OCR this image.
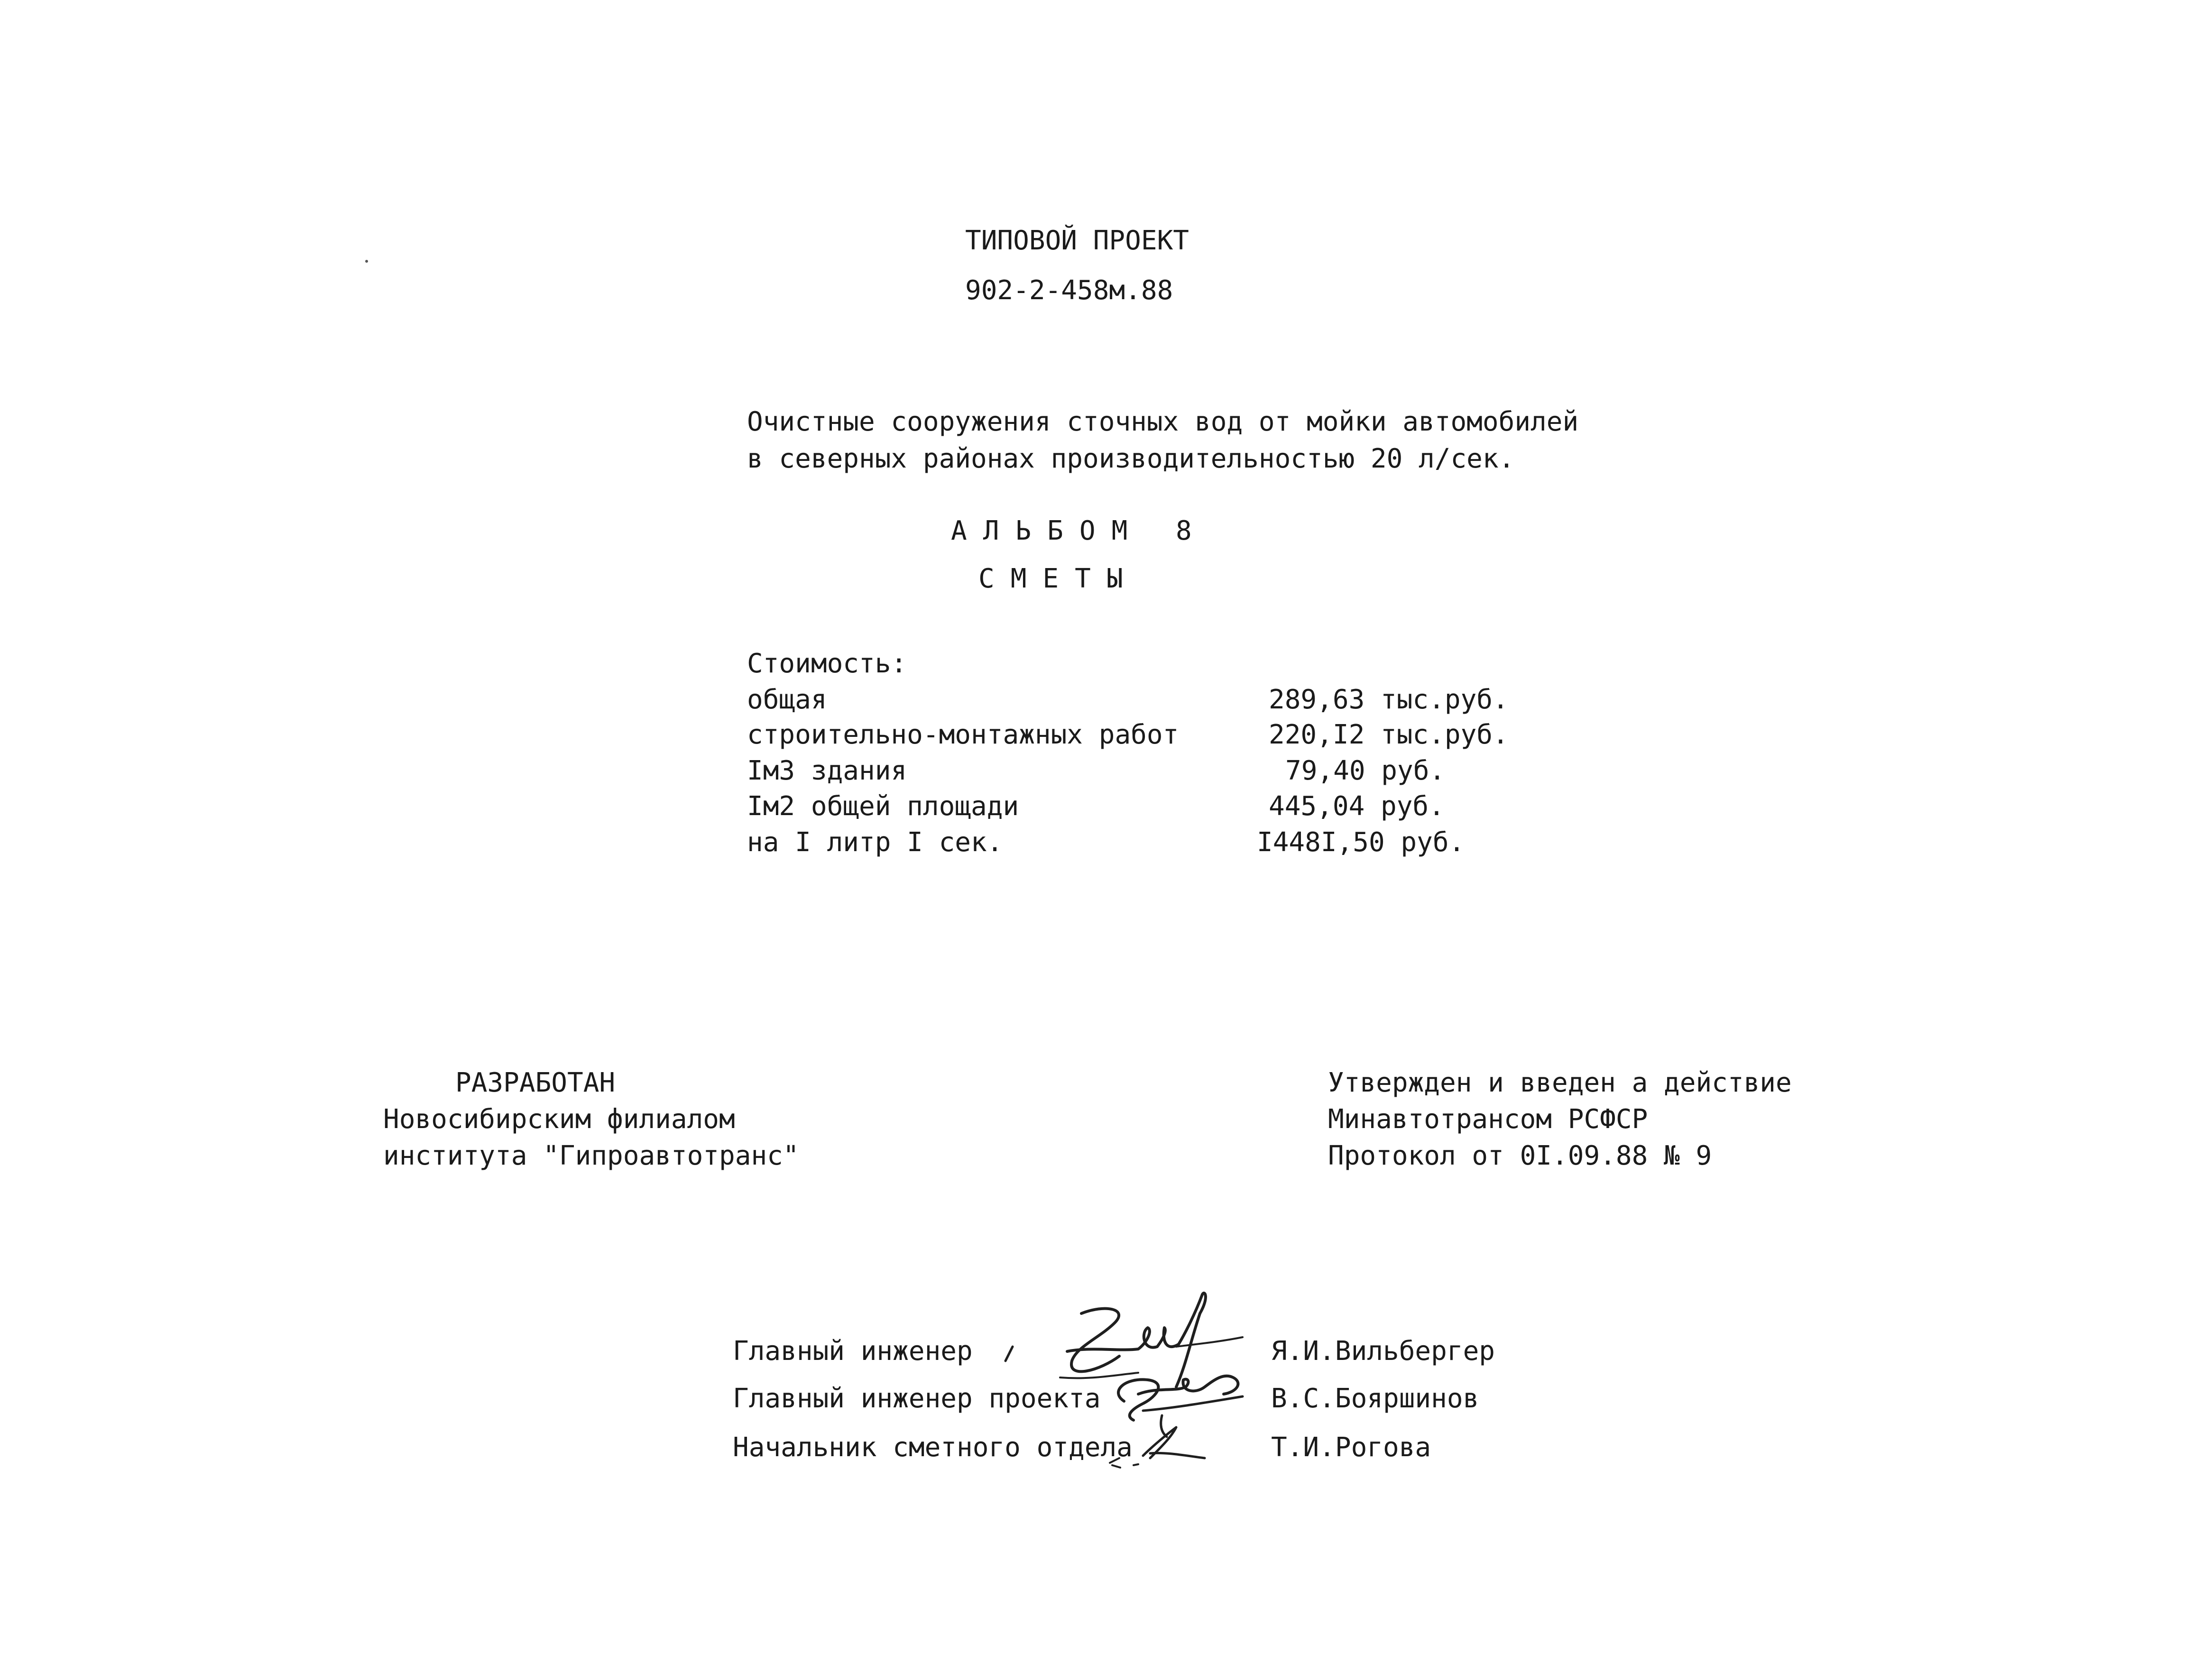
ТИПОВОЙ ПРОЕКТ
902-2-458м.88
Очистные сооружения сточных вод от мойки автомобилей
в северных районах производительностью 20 л/сек.
АЛЬБОМ 8
СМЕТЫ
Стоимость:
общая	289,63 тыс.руб.
строительно-монтажных работ	220,I2 тыс.руб.
Iм3 здания	79,40 руб.
Iм2 общей площади	445,04 руб.
на I литр I сек.	I448I,50 руб.
РАЗРАБОТАН
Новосибирским филиалом
института "Гипроавтотранс"
Утвержден и введен а действие
Минавтотрансом РСФСР
Протокол от 0I.09.88 № 9
Главный инженер	Я.И.Вильбергер
Главный инженер проекта	В.С.Бояршинов
Начальник сметного отдела	Т.И.Рогова
